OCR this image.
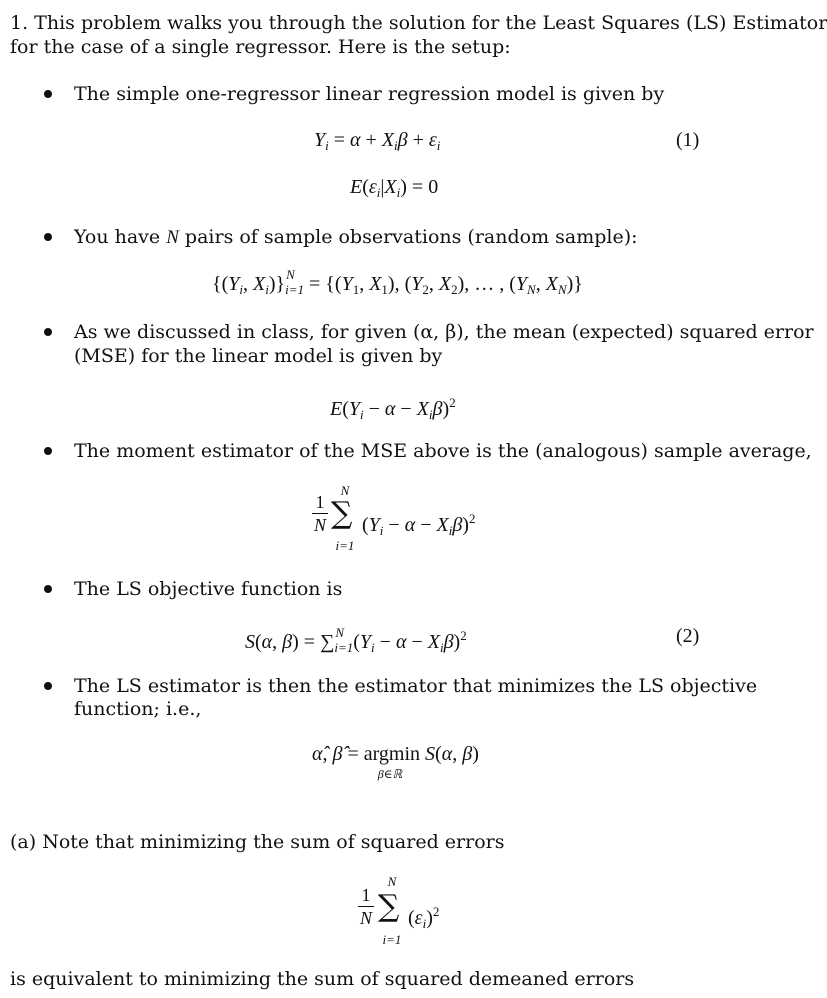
1. This problem walks you through the solution for the Least Squares (LS) Estimator
for the case of a single regressor. Here is the setup:
The simple one-regressor linear regression model is given by
$Y_i = \alpha + X_i\beta + \varepsilon_i$	(1)
$E(\varepsilon_i|X_i) = 0$
You have N pairs of sample observations (random sample):
{($Y_i$, $X_i$)} N
$_{i=1} = \{(Y_1$, $X_1$), ($Y_2$, $X_2$), … , ($Y_N$, $X_N$)}
As we discussed in class, for given (α, β), the mean (expected) squared error
(MSE) for the linear model is given by
$E(Y_i - \alpha - X_i\beta)^2$
The moment estimator of the MSE above is the (analogous) sample average,
1
N
N
∑
i=1
$(Y_i - \alpha - X_i\beta)^2$
The LS objective function is
S(α, β) = ∑ N
$_{i=1}(Y_i - \alpha - X_i\beta)^2$	(2)
The LS estimator is then the estimator that minimizes the LS objective
function; i.e.,
α̂, β̂ = argmin
β∈ℝ
S(α, β)
(a) Note that minimizing the sum of squared errors
1
N
N
∑
i=1
$(\varepsilon_i)^2$
is equivalent to minimizing the sum of squared demeaned errors
